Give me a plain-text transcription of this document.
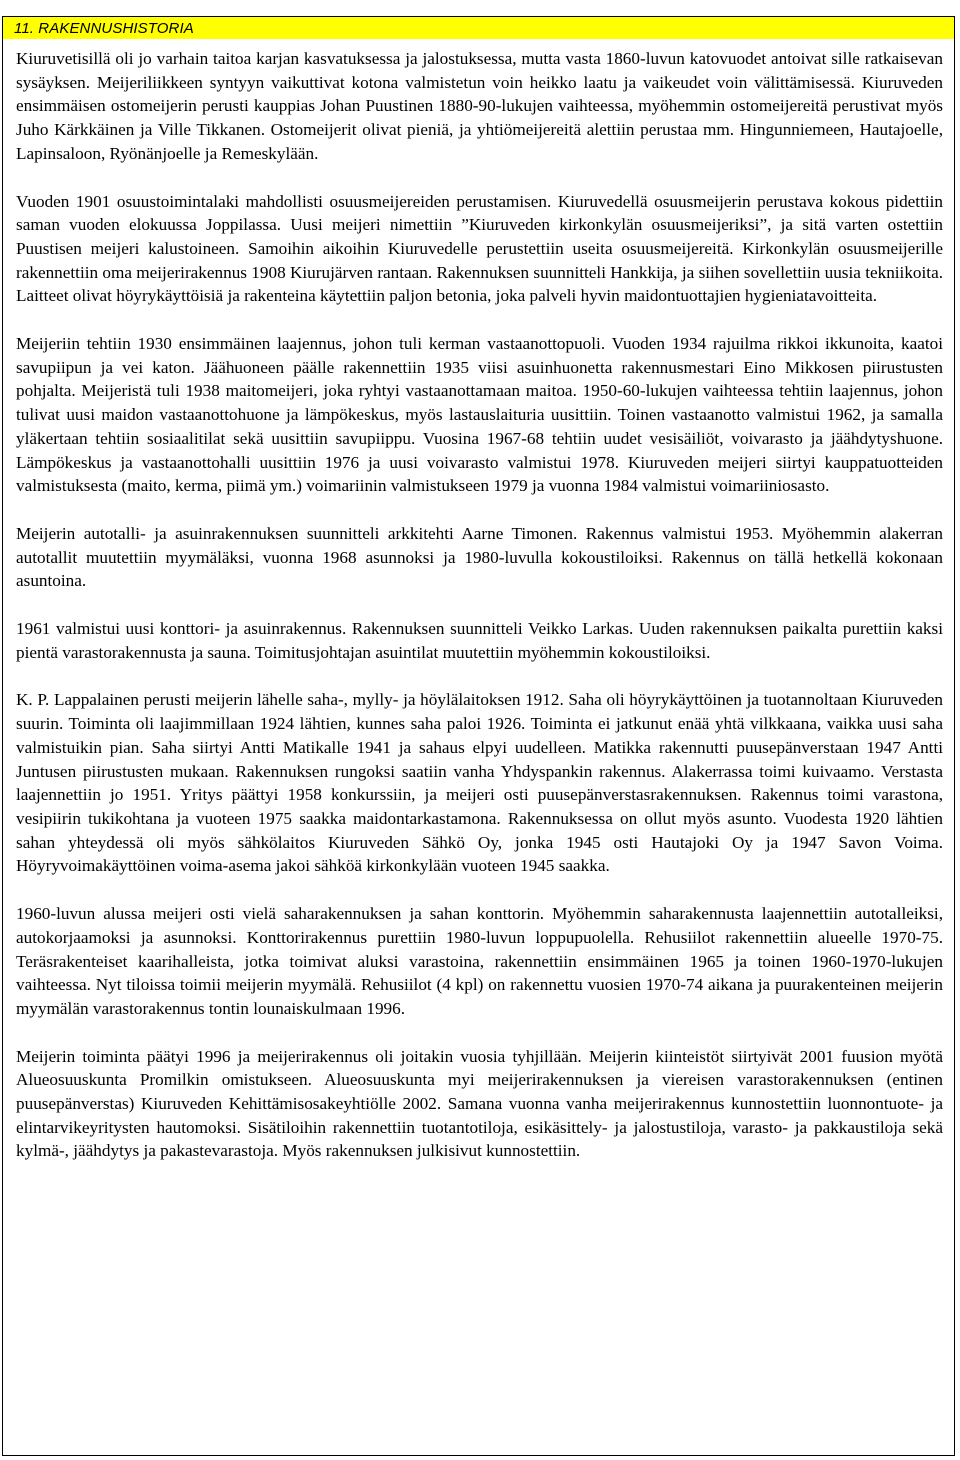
11. RAKENNUSHISTORIA

Kiuruvetisillä oli jo varhain taitoa karjan kasvatuksessa ja jalostuksessa, mutta vasta 1860-luvun katovuodet antoivat sille ratkaisevan sysäyksen. Meijeriliikkeen syntyyn vaikuttivat kotona valmistetun voin heikko laatu ja vaikeudet voin välittämisessä. Kiuruveden ensimmäisen ostomeijerin perusti kauppias Johan Puustinen 1880-90-lukujen vaihteessa, myöhemmin ostomeijereitä perustivat myös Juho Kärkkäinen ja Ville Tikkanen. Ostomeijerit olivat pieniä, ja yhtiömeijereitä alettiin perustaa mm. Hingunniemeen, Hautajoelle, Lapinsaloon, Ryönänjoelle ja Remeskylään.

Vuoden 1901 osuustoimintalaki mahdollisti osuusmeijereiden perustamisen. Kiuruvedellä osuusmeijerin perustava kokous pidettiin saman vuoden elokuussa Joppilassa. Uusi meijeri nimettiin ”Kiuruveden kirkonkylän osuusmeijeriksi”, ja sitä varten ostettiin Puustisen meijeri kalustoineen. Samoihin aikoihin Kiuruvedelle perustettiin useita osuusmeijereitä. Kirkonkylän osuusmeijerille rakennettiin oma meijerirakennus 1908 Kiurujärven rantaan. Rakennuksen suunnitteli Hankkija, ja siihen sovellettiin uusia tekniikoita. Laitteet olivat höyrykäyttöisiä ja rakenteina käytettiin paljon betonia, joka palveli hyvin maidontuottajien hygieniatavoitteita.

Meijeriin tehtiin 1930 ensimmäinen laajennus, johon tuli kerman vastaanottopuoli. Vuoden 1934 rajuilma rikkoi ikkunoita, kaatoi savupiipun ja vei katon. Jäähuoneen päälle rakennettiin 1935 viisi asuinhuonetta rakennusmestari Eino Mikkosen piirustusten pohjalta. Meijeristä tuli 1938 maitomeijeri, joka ryhtyi vastaanottamaan maitoa. 1950-60-lukujen vaihteessa tehtiin laajennus, johon tulivat uusi maidon vastaanottohuone ja lämpökeskus, myös lastauslaituria uusittiin. Toinen vastaanotto valmistui 1962, ja samalla yläkertaan tehtiin sosiaalitilat sekä uusittiin savupiippu. Vuosina 1967-68 tehtiin uudet vesisäiliöt, voivarasto ja jäähdytyshuone. Lämpökeskus ja vastaanottohalli uusittiin 1976 ja uusi voivarasto valmistui 1978. Kiuruveden meijeri siirtyi kauppatuotteiden valmistuksesta (maito, kerma, piimä ym.) voimariinin valmistukseen 1979 ja vuonna 1984 valmistui voimariiniosasto.

Meijerin autotalli- ja asuinrakennuksen suunnitteli arkkitehti Aarne Timonen. Rakennus valmistui 1953. Myöhemmin alakerran autotallit muutettiin myymäläksi, vuonna 1968 asunnoksi ja 1980-luvulla kokoustiloiksi. Rakennus on tällä hetkellä kokonaan asuntoina.

1961 valmistui uusi konttori- ja asuinrakennus. Rakennuksen suunnitteli Veikko Larkas. Uuden rakennuksen paikalta purettiin kaksi pientä varastorakennusta ja sauna. Toimitusjohtajan asuintilat muutettiin myöhemmin kokoustiloiksi.

K. P. Lappalainen perusti meijerin lähelle saha-, mylly- ja höylälaitoksen 1912. Saha oli höyrykäyttöinen ja tuotannoltaan Kiuruveden suurin. Toiminta oli laajimmillaan 1924 lähtien, kunnes saha paloi 1926. Toiminta ei jatkunut enää yhtä vilkkaana, vaikka uusi saha valmistuikin pian. Saha siirtyi Antti Matikalle 1941 ja sahaus elpyi uudelleen. Matikka rakennutti puusepänverstaan 1947 Antti Juntusen piirustusten mukaan. Rakennuksen rungoksi saatiin vanha Yhdyspankin rakennus. Alakerrassa toimi kuivaamo. Verstasta laajennettiin jo 1951. Yritys päättyi 1958 konkurssiin, ja meijeri osti puusepänverstasrakennuksen. Rakennus toimi varastona, vesipiirin tukikohtana ja vuoteen 1975 saakka maidontarkastamona. Rakennuksessa on ollut myös asunto. Vuodesta 1920 lähtien sahan yhteydessä oli myös sähkölaitos Kiuruveden Sähkö Oy, jonka 1945 osti Hautajoki Oy ja 1947 Savon Voima. Höyryvoimakäyttöinen voima-asema jakoi sähköä kirkonkylään vuoteen 1945 saakka.

1960-luvun alussa meijeri osti vielä saharakennuksen ja sahan konttorin. Myöhemmin saharakennusta laajennettiin autotalleiksi, autokorjaamoksi ja asunnoksi. Konttorirakennus purettiin 1980-luvun loppupuolella. Rehusiilot rakennettiin alueelle 1970-75. Teräsrakenteiset kaarihalleista, jotka toimivat aluksi varastoina, rakennettiin ensimmäinen 1965 ja toinen 1960-1970-lukujen vaihteessa. Nyt tiloissa toimii meijerin myymälä. Rehusiilot (4 kpl) on rakennettu vuosien 1970-74 aikana ja puurakenteinen meijerin myymälän varastorakennus tontin lounaiskulmaan 1996.

Meijerin toiminta päätyi 1996 ja meijerirakennus oli joitakin vuosia tyhjillään. Meijerin kiinteistöt siirtyivät 2001 fuusion myötä Alueosuuskunta Promilkin omistukseen. Alueosuuskunta myi meijerirakennuksen ja viereisen varastorakennuksen (entinen puusepänverstas) Kiuruveden Kehittämisosakeyhtiölle 2002. Samana vuonna vanha meijerirakennus kunnostettiin luonnontuote- ja elintarvikeyritysten hautomoksi. Sisätiloihin rakennettiin tuotantotiloja, esikäsittely- ja jalostustiloja, varasto- ja pakkaustiloja sekä kylmä-, jäähdytys ja pakastevarastoja. Myös rakennuksen julkisivut kunnostettiin.
